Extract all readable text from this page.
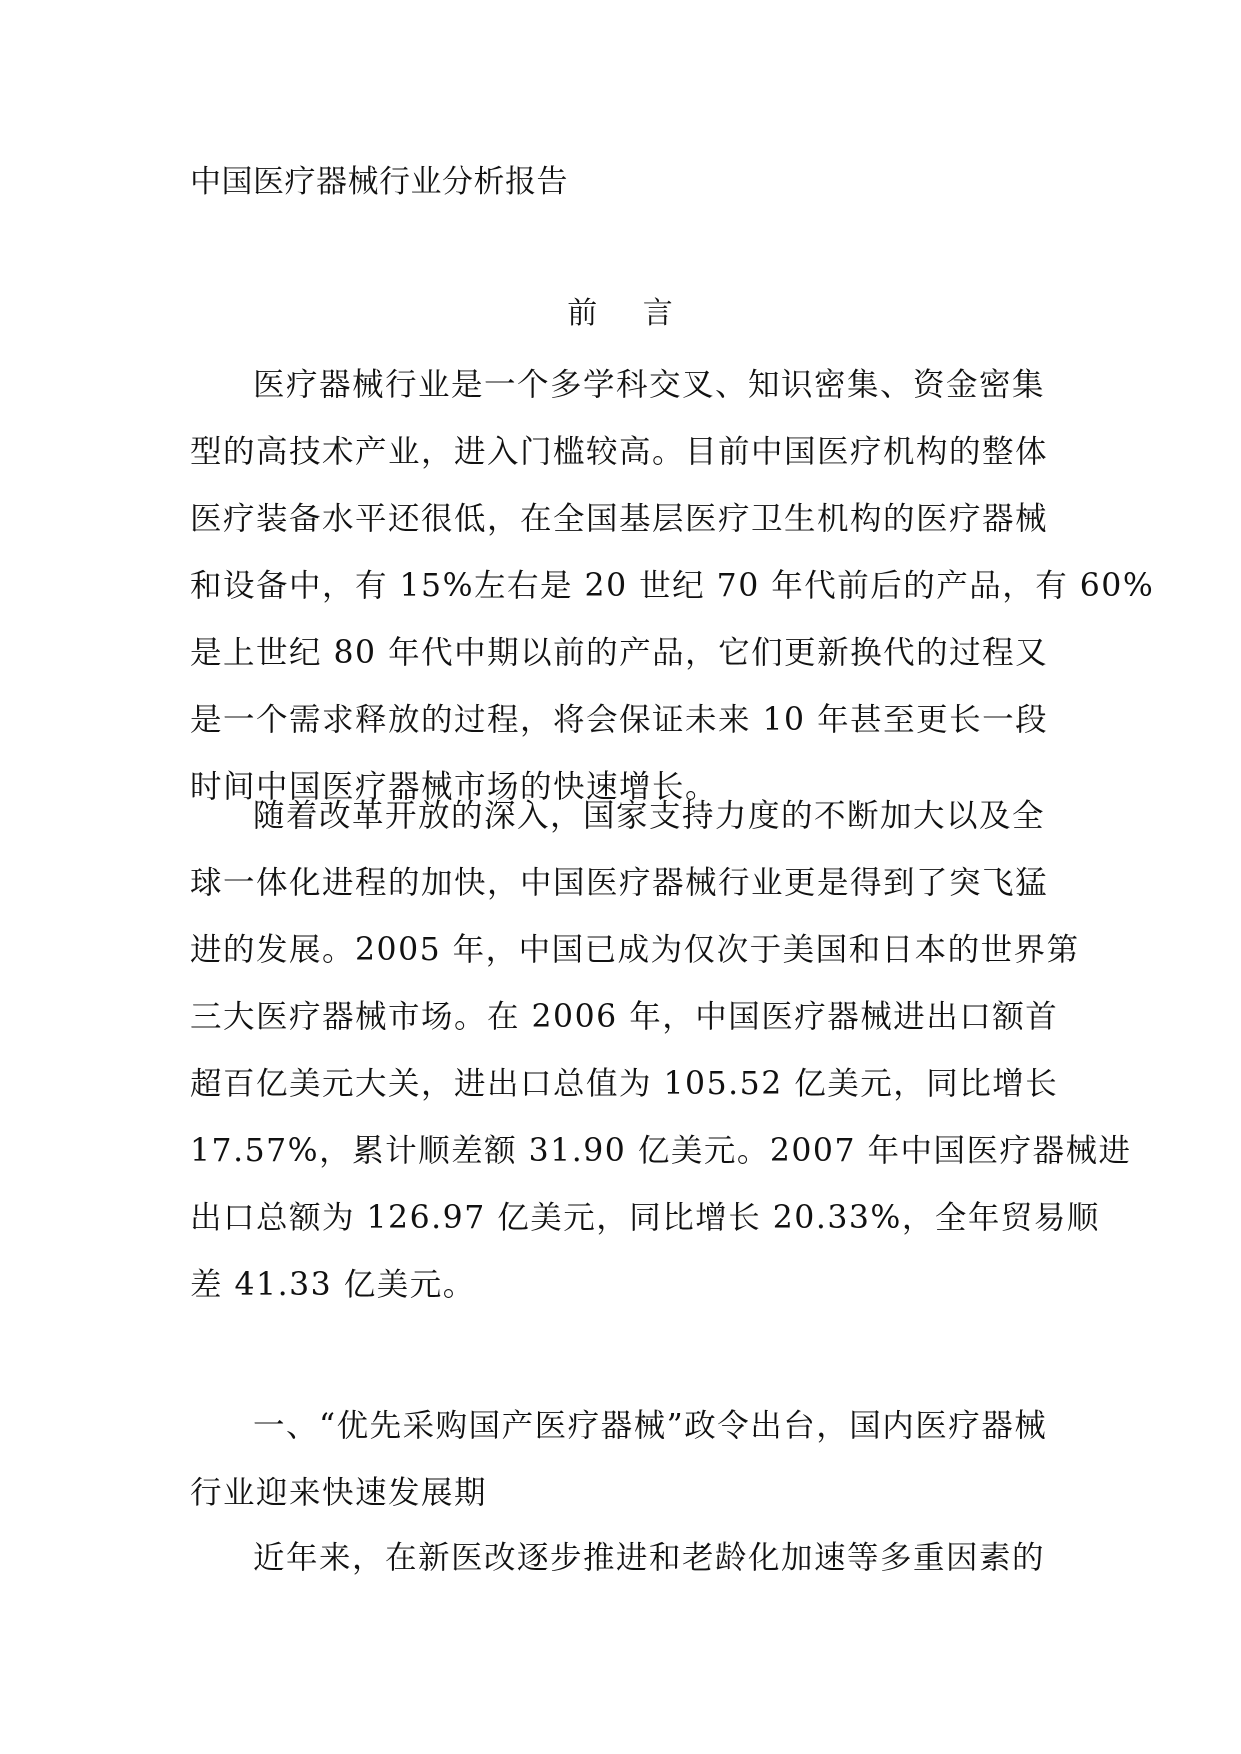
中国医疗器械行业分析报告
前 言

医疗器械行业是一个多学科交叉、知识密集、资金密集
型的高技术产业，进入门槛较高。目前中国医疗机构的整体
医疗装备水平还很低，在全国基层医疗卫生机构的医疗器械
和设备中，有 15%左右是 20 世纪 70 年代前后的产品，有 60%
是上世纪 80 年代中期以前的产品，它们更新换代的过程又
是一个需求释放的过程，将会保证未来 10 年甚至更长一段
时间中国医疗器械市场的快速增长。

随着改革开放的深入，国家支持力度的不断加大以及全
球一体化进程的加快，中国医疗器械行业更是得到了突飞猛
进的发展。2005 年，中国已成为仅次于美国和日本的世界第
三大医疗器械市场。在 2006 年，中国医疗器械进出口额首
超百亿美元大关，进出口总值为 105.52 亿美元，同比增长
17.57%，累计顺差额 31.90 亿美元。2007 年中国医疗器械进
出口总额为 126.97 亿美元，同比增长 20.33%，全年贸易顺
差 41.33 亿美元。

一、“优先采购国产医疗器械”政令出台，国内医疗器械
行业迎来快速发展期

近年来，在新医改逐步推进和老龄化加速等多重因素的
